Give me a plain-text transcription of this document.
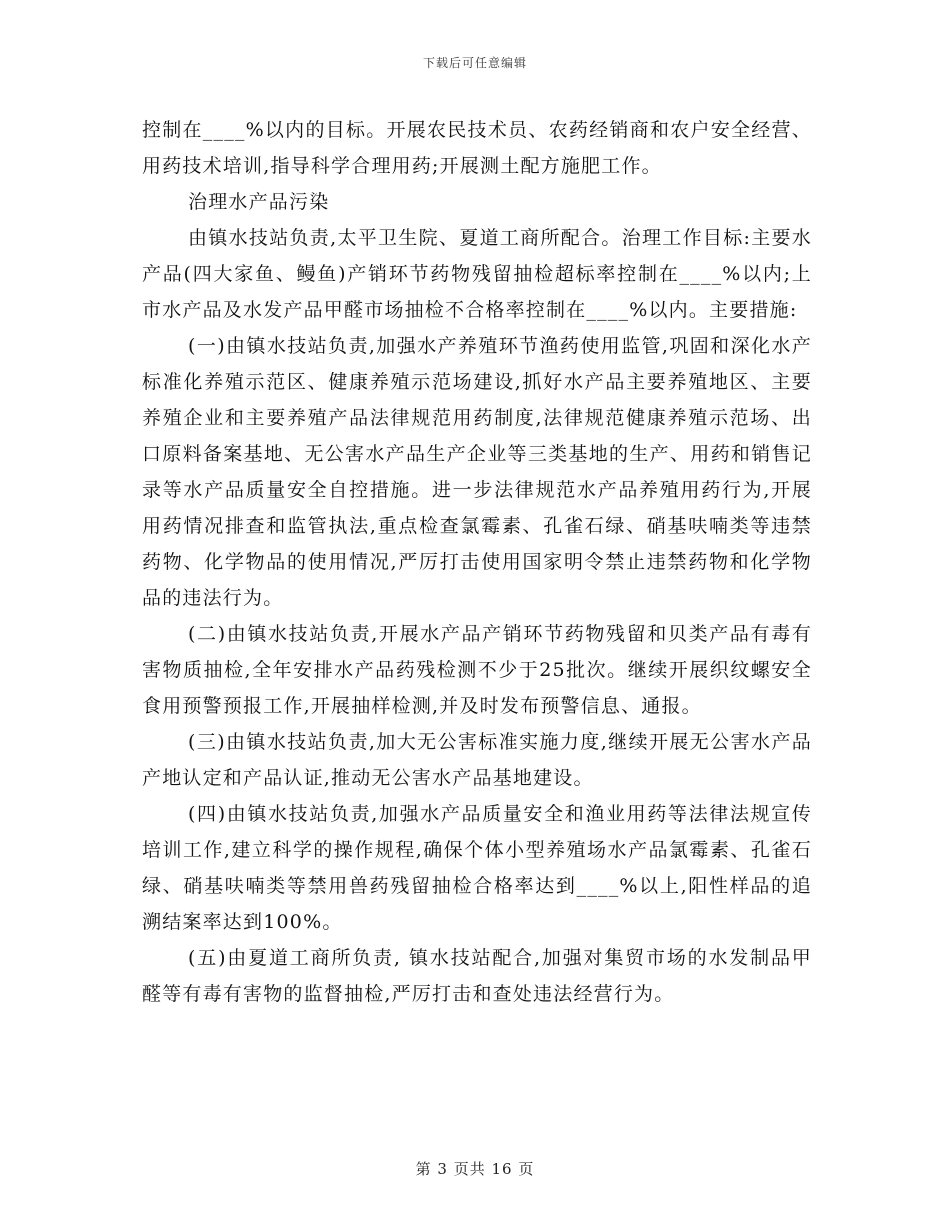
下载后可任意编辑

控制在____%以内的目标。开展农民技术员、农药经销商和农户安全经营、用药技术培训,指导科学合理用药;开展测土配方施肥工作。

治理水产品污染

由镇水技站负责,太平卫生院、夏道工商所配合。治理工作目标:主要水产品(四大家鱼、鳗鱼)产销环节药物残留抽检超标率控制在____%以内;上市水产品及水发产品甲醛市场抽检不合格率控制在____%以内。主要措施:

(一)由镇水技站负责,加强水产养殖环节渔药使用监管,巩固和深化水产标准化养殖示范区、健康养殖示范场建设,抓好水产品主要养殖地区、主要养殖企业和主要养殖产品法律规范用药制度,法律规范健康养殖示范场、出口原料备案基地、无公害水产品生产企业等三类基地的生产、用药和销售记录等水产品质量安全自控措施。进一步法律规范水产品养殖用药行为,开展用药情况排查和监管执法,重点检查氯霉素、孔雀石绿、硝基呋喃类等违禁药物、化学物品的使用情况,严厉打击使用国家明令禁止违禁药物和化学物品的违法行为。

(二)由镇水技站负责,开展水产品产销环节药物残留和贝类产品有毒有害物质抽检,全年安排水产品药残检测不少于25批次。继续开展织纹螺安全食用预警预报工作,开展抽样检测,并及时发布预警信息、通报。

(三)由镇水技站负责,加大无公害标准实施力度,继续开展无公害水产品产地认定和产品认证,推动无公害水产品基地建设。

(四)由镇水技站负责,加强水产品质量安全和渔业用药等法律法规宣传培训工作,建立科学的操作规程,确保个体小型养殖场水产品氯霉素、孔雀石绿、硝基呋喃类等禁用兽药残留抽检合格率达到____%以上,阳性样品的追溯结案率达到100%。

(五)由夏道工商所负责, 镇水技站配合,加强对集贸市场的水发制品甲醛等有毒有害物的监督抽检,严厉打击和查处违法经营行为。

第 3 页共 16 页
